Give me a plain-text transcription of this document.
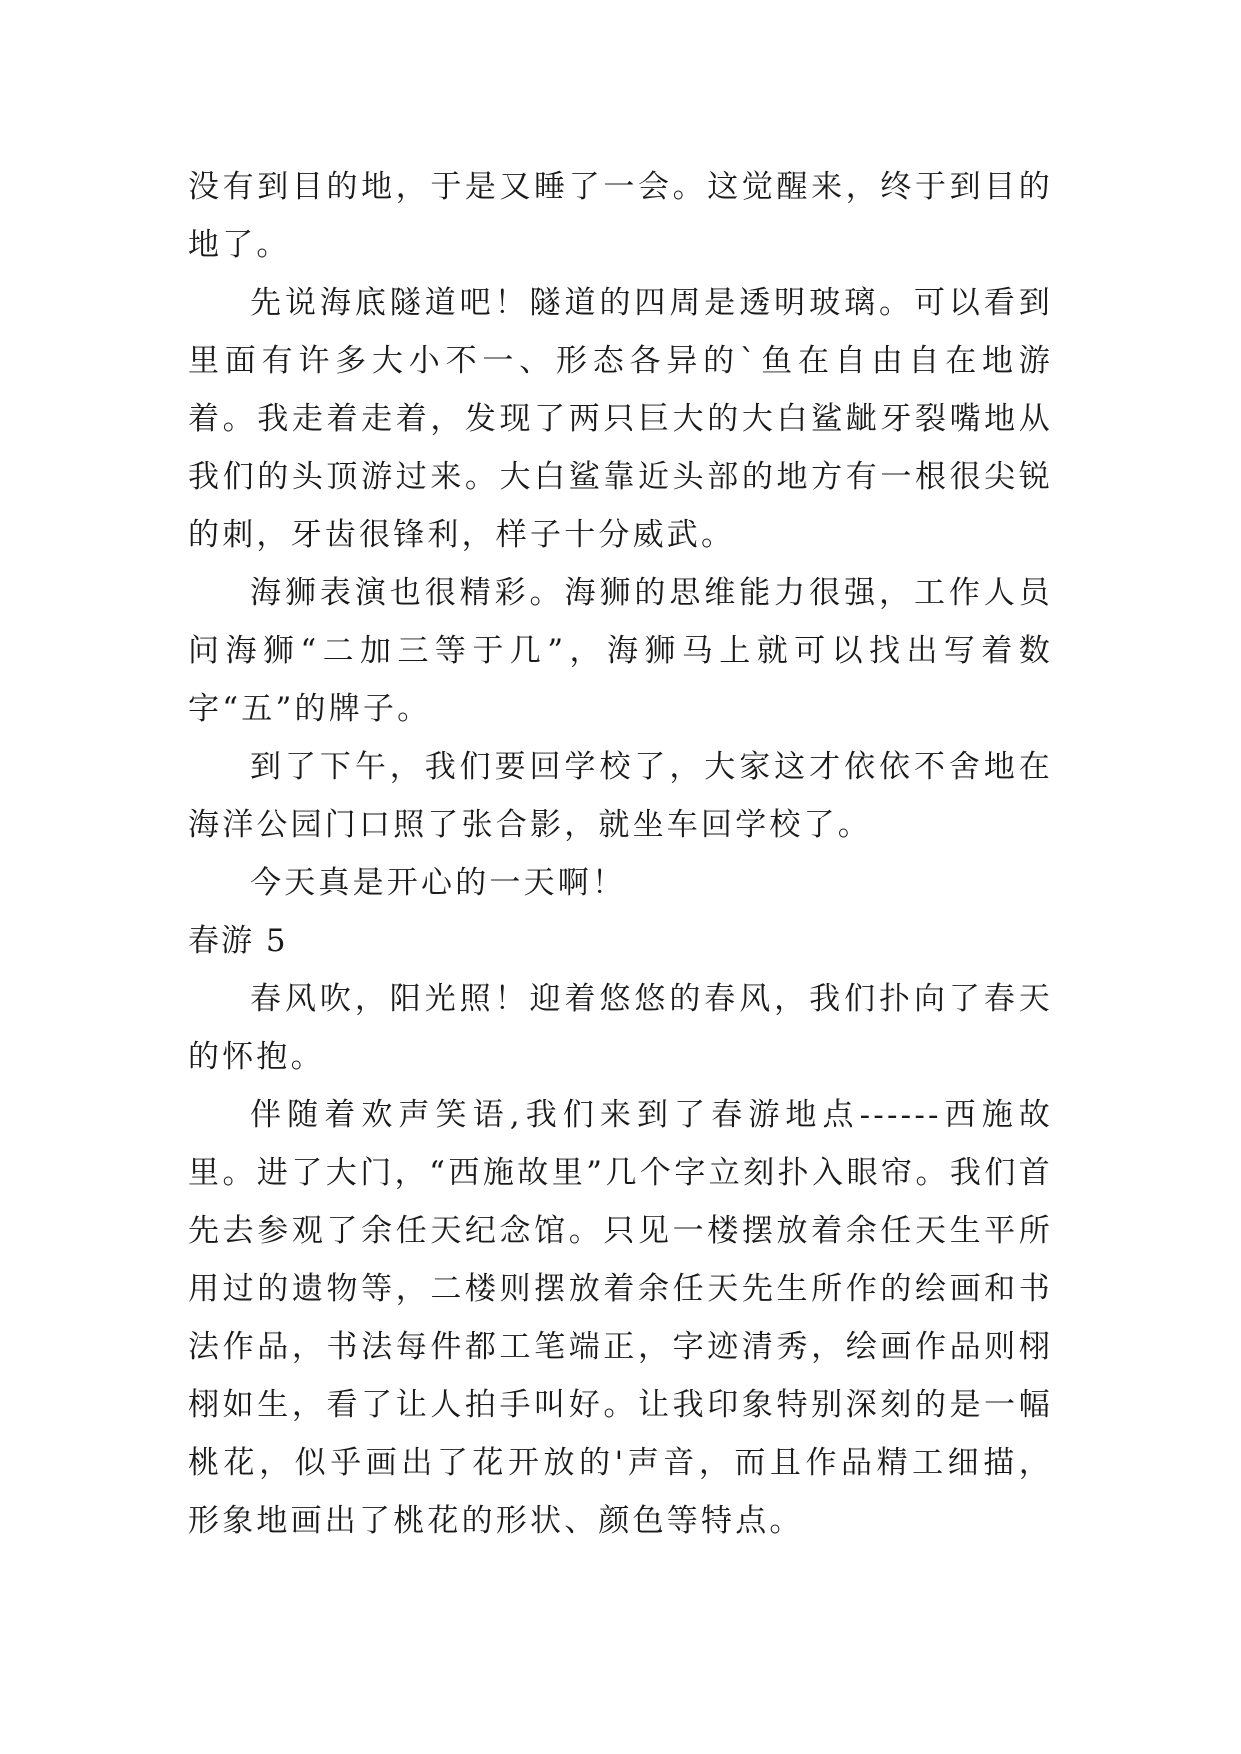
没有到目的地，于是又睡了一会。这觉醒来，终于到目的地了。

先说海底隧道吧！隧道的四周是透明玻璃。可以看到里面有许多大小不一、形态各异的`鱼在自由自在地游着。我走着走着，发现了两只巨大的大白鲨龇牙裂嘴地从我们的头顶游过来。大白鲨靠近头部的地方有一根很尖锐的刺，牙齿很锋利，样子十分威武。

海狮表演也很精彩。海狮的思维能力很强，工作人员问海狮“二加三等于几”，海狮马上就可以找出写着数字“五”的牌子。

到了下午，我们要回学校了，大家这才依依不舍地在海洋公园门口照了张合影，就坐车回学校了。

今天真是开心的一天啊！

春游 5

春风吹，阳光照！迎着悠悠的春风，我们扑向了春天的怀抱。

伴随着欢声笑语,我们来到了春游地点------西施故里。进了大门，“西施故里”几个字立刻扑入眼帘。我们首先去参观了余任天纪念馆。只见一楼摆放着余任天生平所用过的遗物等，二楼则摆放着余任天先生所作的绘画和书法作品，书法每件都工笔端正，字迹清秀，绘画作品则栩栩如生，看了让人拍手叫好。让我印象特别深刻的是一幅桃花，似乎画出了花开放的'声音，而且作品精工细描，形象地画出了桃花的形状、颜色等特点。
